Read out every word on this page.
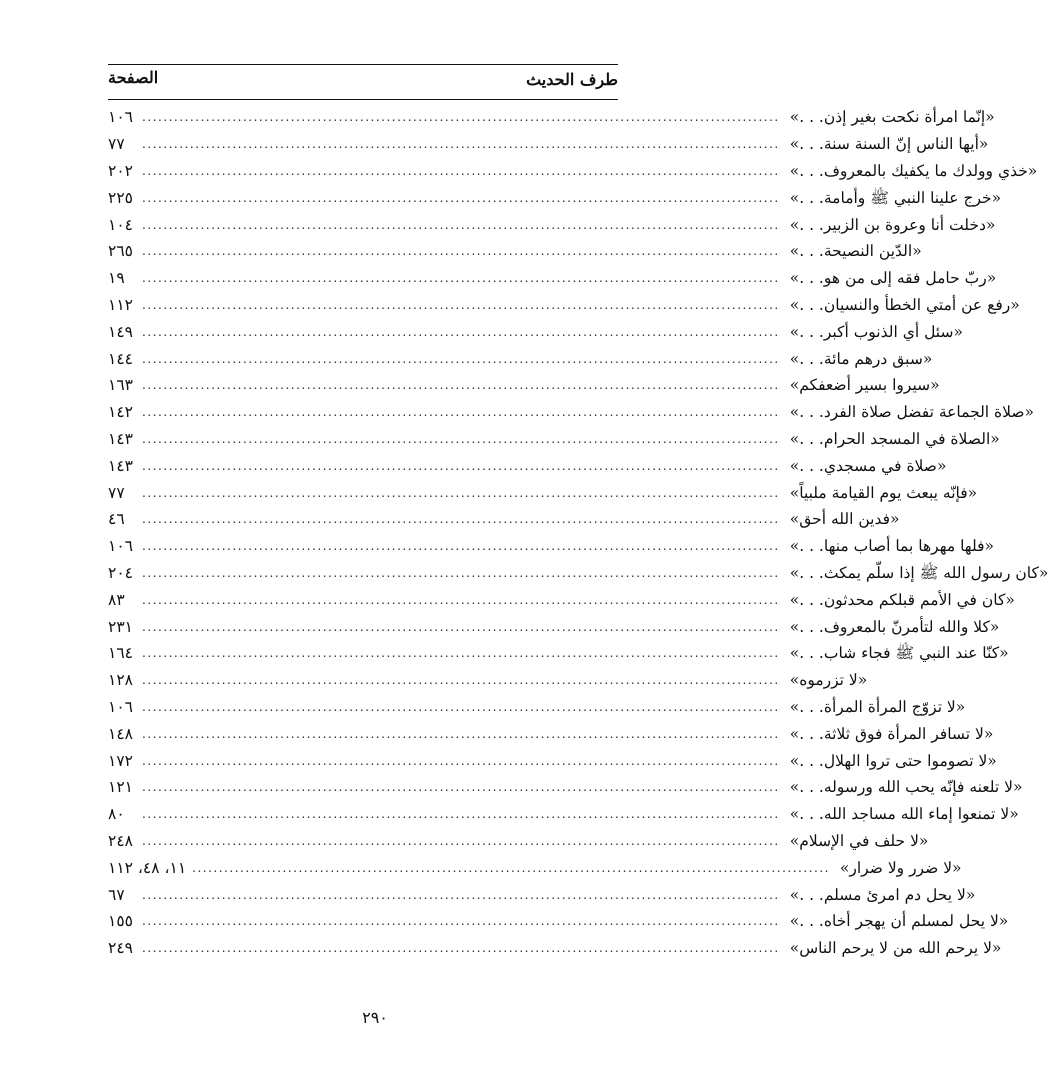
طرف الحديث
الصفحة
١٠٦ ........................................................................................................................ «إنّما امرأة نكحت بغير إذن. . .»
٧٧	........................................................................................................................ «أيها الناس إنّ السنة سنة. . .»
٢٠٢ ........................................................................................................................ «خذي وولدك ما يكفيك بالمعروف. . .»
٢٢٥ ........................................................................................................................ «خرج علينا النبي ﷺ وأمامة. . .»
١٠٤ ........................................................................................................................ «دخلت أنا وعروة بن الزبير. . .»
٢٦٥ ........................................................................................................................ «الدّين النصيحة. . .»
١٩	........................................................................................................................ «ربّ حامل فقه إلى من هو. . .»
١١٢ ........................................................................................................................ «رفع عن أمتي الخطأ والنسيان. . .»
١٤٩ ........................................................................................................................ «سئل أي الذنوب أكبر. . .»
١٤٤ ........................................................................................................................ «سبق درهم مائة. . .»
١٦٣ ........................................................................................................................ «سيروا بسير أضعفكم»
١٤٢ ........................................................................................................................ «صلاة الجماعة تفضل صلاة الفرد. . .»
١٤٣ ........................................................................................................................ «الصلاة في المسجد الحرام. . .»
١٤٣ ........................................................................................................................ «صلاة في مسجدي. . .»
٧٧	........................................................................................................................ «فإنّه يبعث يوم القيامة ملبياً»
٤٦	........................................................................................................................ «فدين الله أحق»
١٠٦ ........................................................................................................................ «فلها مهرها بما أصاب منها. . .»
٢٠٤ ........................................................................................................................ «كان رسول الله ﷺ إذا سلّم يمكث. . .»
٨٣	........................................................................................................................ «كان في الأمم قبلكم محدثون. . .»
٢٣١ ........................................................................................................................ «كلا والله لتأمرنّ بالمعروف. . .»
١٦٤ ........................................................................................................................ «كنّا عند النبي ﷺ فجاء شاب. . .»
١٢٨ ........................................................................................................................ «لا تزرموه»
١٠٦ ........................................................................................................................ «لا تزوّج المرأة المرأة. . .»
١٤٨ ........................................................................................................................ «لا تسافر المرأة فوق ثلاثة. . .»
١٧٢ ........................................................................................................................ «لا تصوموا حتى تروا الهلال. . .»
١٢١ ........................................................................................................................ «لا تلعنه فإنّه يحب الله ورسوله. . .»
٨٠	........................................................................................................................ «لا تمنعوا إماء الله مساجد الله. . .»
٢٤٨ ........................................................................................................................ «لا حلف في الإسلام»
١١، ٤٨، ١١٢ ........................................................................................................................ «لا ضرر ولا ضرار»
٦٧	........................................................................................................................ «لا يحل دم امرئ مسلم. . .»
١٥٥ ........................................................................................................................ «لا يحل لمسلم أن يهجر أخاه. . .»
٢٤٩ ........................................................................................................................ «لا يرحم الله من لا يرحم الناس»
٢٩٠
